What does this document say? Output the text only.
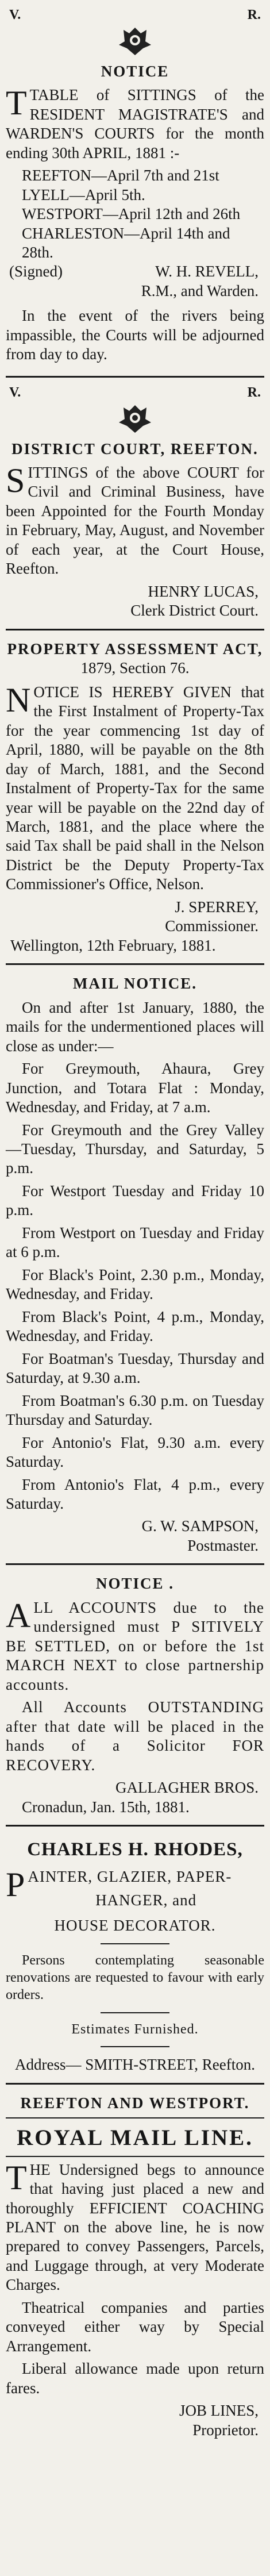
V.	R.
NOTICE

TTABLE of SITTINGS of the RESIDENT MAGISTRATE'S and WARDEN'S COURTS for the month ending 30th APRIL, 1881 :-

REEFTON—April 7th and 21st
LYELL—April 5th.
WESTPORT—April 12th and 26th
CHARLESTON—April 14th and 28th.
(Signed)	W. H. REVELL,
R.M., and Warden.

In the event of the rivers being impassible, the Courts will be adjourned from day to day.

V.	R.
DISTRICT COURT, REEFTON.

SITTINGS of the above COURT for Civil and Criminal Business, have been Appointed for the Fourth Monday in February, May, August, and November of each year, at the Court House, Reefton.

HENRY LUCAS,
Clerk District Court.
PROPERTY ASSESSMENT ACT,
1879, Section 76.

NOTICE IS HEREBY GIVEN that the First Instalment of Property-Tax for the year commencing 1st day of April, 1880, will be payable on the 8th day of March, 1881, and the Second Instalment of Property-Tax for the same year will be payable on the 22nd day of March, 1881, and the place where the said Tax shall be paid shall in the Nelson District be the Deputy Property-Tax Commissioner's Office, Nelson.

J. SPERREY,
Commissioner.
Wellington, 12th February, 1881.
MAIL NOTICE.

On and after 1st January, 1880, the mails for the undermentioned places will close as under:—

For Greymouth, Ahaura, Grey Junction, and Totara Flat : Monday, Wednesday, and Friday, at 7 a.m.

For Greymouth and the Grey Valley —Tuesday, Thursday, and Saturday, 5 p.m.

For Westport Tuesday and Friday 10 p.m.

From Westport on Tuesday and Friday at 6 p.m.

For Black's Point, 2.30 p.m., Monday, Wednesday, and Friday.

From Black's Point, 4 p.m., Monday, Wednesday, and Friday.

For Boatman's Tuesday, Thursday and Saturday, at 9.30 a.m.

From Boatman's 6.30 p.m. on Tuesday Thursday and Saturday.

For Antonio's Flat, 9.30 a.m. every Saturday.

From Antonio's Flat, 4 p.m., every Saturday.

G. W. SAMPSON,
Postmaster.
NOTICE .

ALL ACCOUNTS due to the undersigned must P SITIVELY BE SETTLED, on or before the 1st MARCH NEXT to close partnership accounts.

All Accounts OUTSTANDING after that date will be placed in the hands of a Solicitor FOR RECOVERY.

GALLAGHER BROS.
Cronadun, Jan. 15th, 1881.
CHARLES H. RHODES,
PAINTER, GLAZIER, PAPER-
HANGER, and
HOUSE DECORATOR.

Persons contemplating seasonable renovations are requested to favour with early orders.

Estimates Furnished.
Address— SMITH-STREET, Reefton.
REEFTON AND WESTPORT.
ROYAL MAIL LINE.

THE Undersigned begs to announce that having just placed a new and thoroughly EFFICIENT COACHING PLANT on the above line, he is now prepared to convey Passengers, Parcels, and Luggage through, at very Moderate Charges.

Theatrical companies and parties conveyed either way by Special Arrangement.

Liberal allowance made upon return fares.

JOB LINES,
Proprietor.
